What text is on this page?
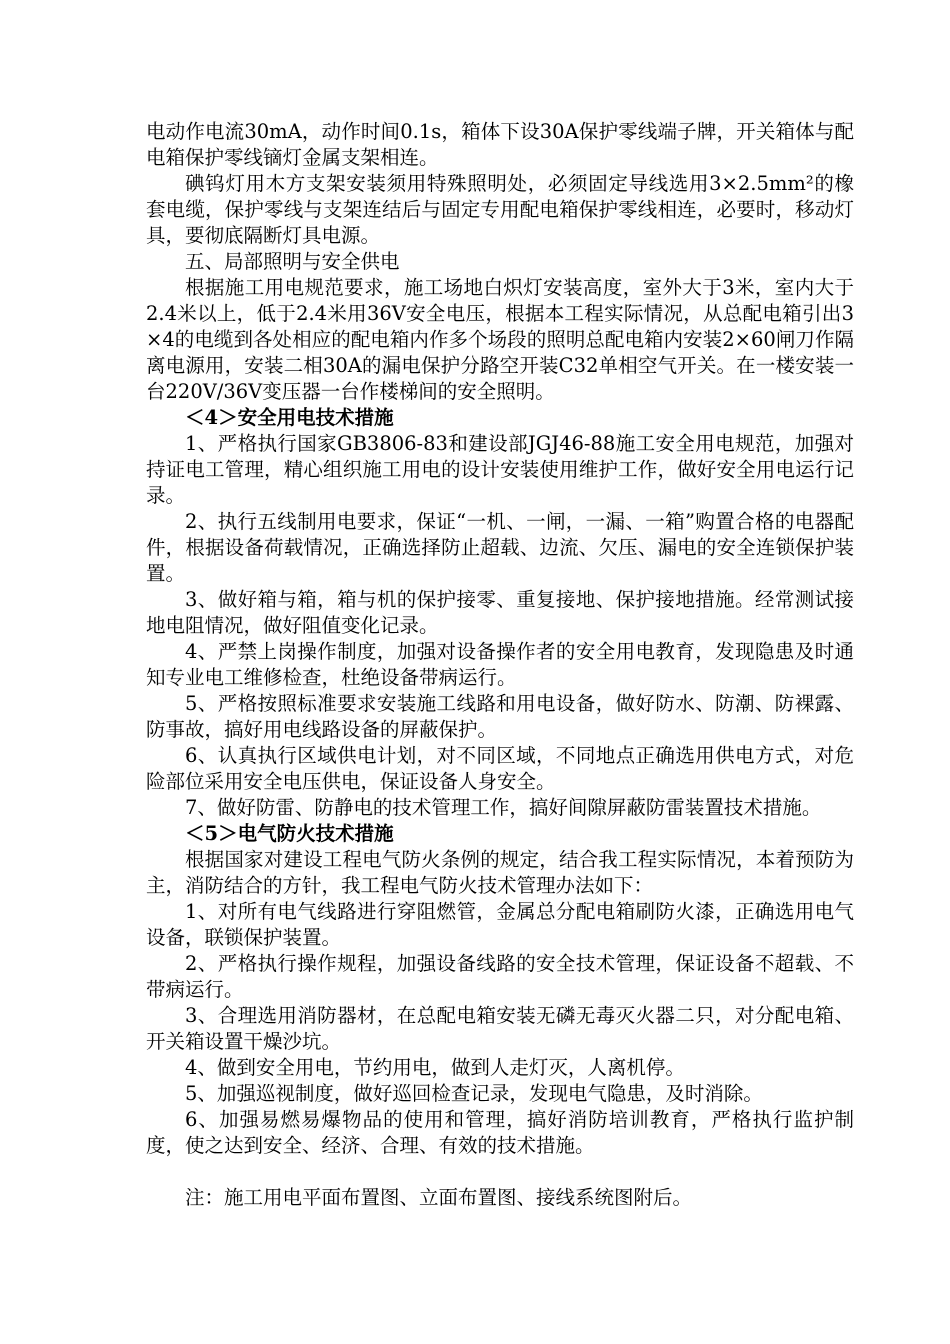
电动作电流30mA，动作时间0.1s，箱体下设30A保护零线端子牌，开关箱体与配电箱保护零线镝灯金属支架相连。

碘钨灯用木方支架安装须用特殊照明处，必须固定导线选用3×2.5mm²的橡套电缆，保护零线与支架连结后与固定专用配电箱保护零线相连，必要时，移动灯具，要彻底隔断灯具电源。

五、局部照明与安全供电

根据施工用电规范要求，施工场地白炽灯安装高度，室外大于3米，室内大于2.4米以上，低于2.4米用36V安全电压，根据本工程实际情况，从总配电箱引出3×4的电缆到各处相应的配电箱内作多个场段的照明总配电箱内安装2×60闸刀作隔离电源用，安装二相30A的漏电保护分路空开装C32单相空气开关。在一楼安装一台220V/36V变压器一台作楼梯间的安全照明。

＜4＞安全用电技术措施

1、严格执行国家GB3806-83和建设部JGJ46-88施工安全用电规范，加强对持证电工管理，精心组织施工用电的设计安装使用维护工作，做好安全用电运行记录。

2、执行五线制用电要求，保证“一机、一闸，一漏、一箱”购置合格的电器配件，根据设备荷载情况，正确选择防止超载、边流、欠压、漏电的安全连锁保护装置。

3、做好箱与箱，箱与机的保护接零、重复接地、保护接地措施。经常测试接地电阻情况，做好阻值变化记录。

4、严禁上岗操作制度，加强对设备操作者的安全用电教育，发现隐患及时通知专业电工维修检查，杜绝设备带病运行。

5、严格按照标准要求安装施工线路和用电设备，做好防水、防潮、防裸露、防事故，搞好用电线路设备的屏蔽保护。

6、认真执行区域供电计划，对不同区域，不同地点正确选用供电方式，对危险部位采用安全电压供电，保证设备人身安全。

7、做好防雷、防静电的技术管理工作，搞好间隙屏蔽防雷装置技术措施。

＜5＞电气防火技术措施

根据国家对建设工程电气防火条例的规定，结合我工程实际情况，本着预防为主，消防结合的方针，我工程电气防火技术管理办法如下：

1、对所有电气线路进行穿阻燃管，金属总分配电箱刷防火漆，正确选用电气设备，联锁保护装置。

2、严格执行操作规程，加强设备线路的安全技术管理，保证设备不超载、不带病运行。

3、合理选用消防器材，在总配电箱安装无磷无毒灭火器二只，对分配电箱、开关箱设置干燥沙坑。

4、做到安全用电，节约用电，做到人走灯灭，人离机停。

5、加强巡视制度，做好巡回检查记录，发现电气隐患，及时消除。

6、加强易燃易爆物品的使用和管理，搞好消防培训教育，严格执行监护制度，使之达到安全、经济、合理、有效的技术措施。

注：施工用电平面布置图、立面布置图、接线系统图附后。
